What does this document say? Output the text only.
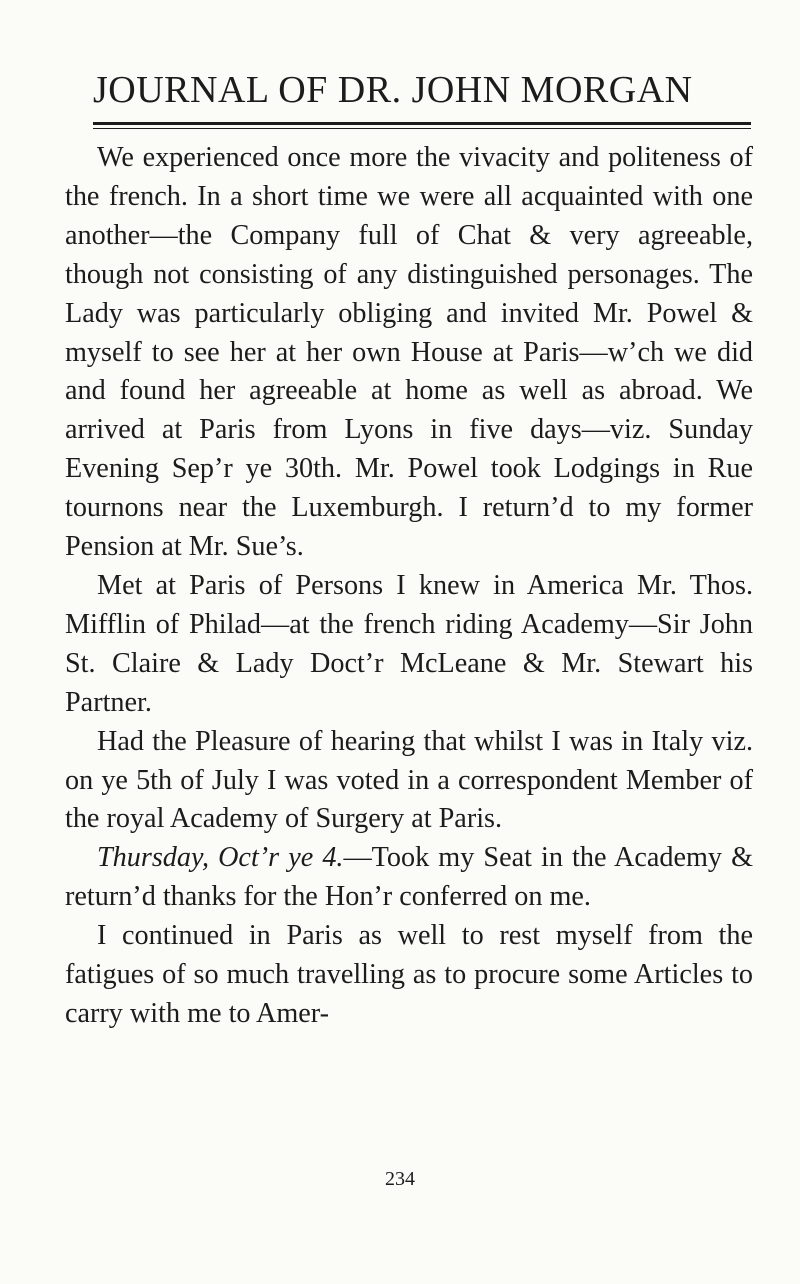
JOURNAL OF DR. JOHN MORGAN

We experienced once more the vivacity and politeness of the french. In a short time we were all acquainted with one another—the Company full of Chat & very agreeable, though not consisting of any distinguished personages. The Lady was particularly obliging and invited Mr. Powel & myself to see her at her own House at Paris—w’ch we did and found her agreeable at home as well as abroad. We arrived at Paris from Lyons in five days—viz. Sunday Evening Sep’r ye 30th. Mr. Powel took Lodgings in Rue tournons near the Luxemburgh. I return’d to my former Pension at Mr. Sue’s.

Met at Paris of Persons I knew in America Mr. Thos. Mifflin of Philad—at the french riding Academy—Sir John St. Claire & Lady Doct’r McLeane & Mr. Stewart his Partner.

Had the Pleasure of hearing that whilst I was in Italy viz. on ye 5th of July I was voted in a correspondent Member of the royal Academy of Surgery at Paris.

Thursday, Oct’r ye 4.—Took my Seat in the Academy & return’d thanks for the Hon’r conferred on me.

I continued in Paris as well to rest myself from the fatigues of so much travelling as to procure some Articles to carry with me to Amer-

234
